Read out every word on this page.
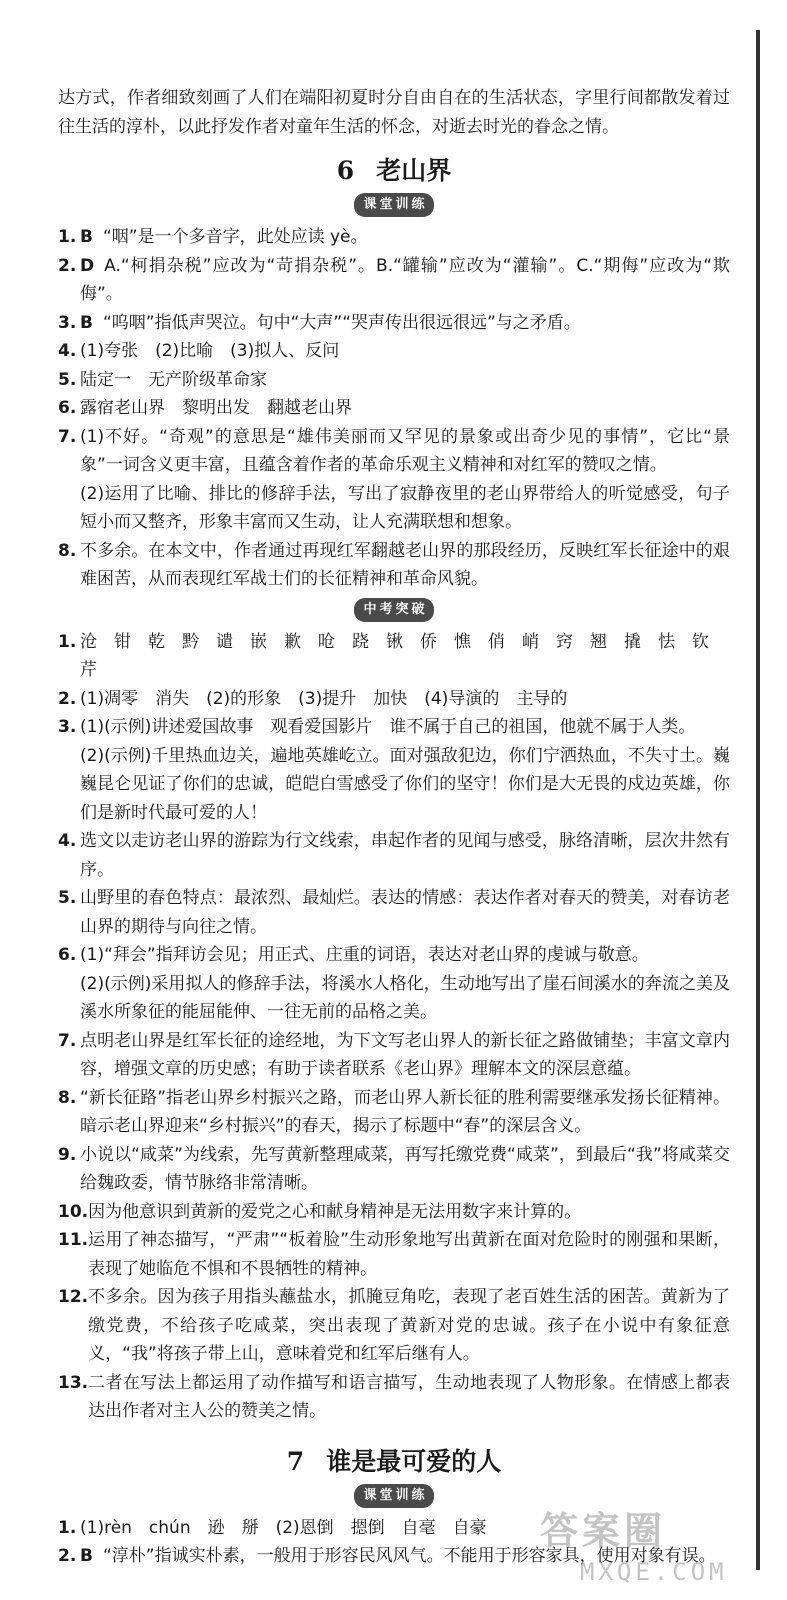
达方式，作者细致刻画了人们在端阳初夏时分自由自在的生活状态，字里行间都散发着过往生活的淳朴，以此抒发作者对童年生活的怀念，对逝去时光的眷念之情。

6 老山界
课堂训练
1. B “咽”是一个多音字，此处应读 yè。
2. D A.“柯捐杂税”应改为“苛捐杂税”。B.“罐输”应改为“灌输”。C.“期侮”应改为“欺侮”。
3. B “呜咽”指低声哭泣。句中“大声”“哭声传出很远很远”与之矛盾。
4. (1)夸张　(2)比喻　(3)拟人、反问
5. 陆定一　无产阶级革命家
6. 露宿老山界　黎明出发　翻越老山界
7. (1)不好。“奇观”的意思是“雄伟美丽而又罕见的景象或出奇少见的事情”，它比“景象”一词含义更丰富，且蕴含着作者的革命乐观主义精神和对红军的赞叹之情。
(2)运用了比喻、排比的修辞手法，写出了寂静夜里的老山界带给人的听觉感受，句子短小而又整齐，形象丰富而又生动，让人充满联想和想象。
8. 不多余。在本文中，作者通过再现红军翻越老山界的那段经历，反映红军长征途中的艰难困苦，从而表现红军战士们的长征精神和革命风貌。
中考突破
1. 沧　钳　乾　黔　谴　嵌　歉　呛　跷　锹　侨　憔　俏　峭　窍　翘　撬　怯　钦　芹
2. (1)凋零　消失　(2)的形象　(3)提升　加快　(4)导演的　主导的
3. (1)(示例)讲述爱国故事　观看爱国影片　谁不属于自己的祖国，他就不属于人类。
(2)(示例)千里热血边关，遍地英雄屹立。面对强敌犯边，你们宁洒热血，不失寸土。巍巍昆仑见证了你们的忠诚，皑皑白雪感受了你们的坚守！你们是大无畏的戍边英雄，你们是新时代最可爱的人！
4. 选文以走访老山界的游踪为行文线索，串起作者的见闻与感受，脉络清晰，层次井然有序。
5. 山野里的春色特点：最浓烈、最灿烂。表达的情感：表达作者对春天的赞美，对春访老山界的期待与向往之情。
6. (1)“拜会”指拜访会见；用正式、庄重的词语，表达对老山界的虔诚与敬意。
(2)(示例)采用拟人的修辞手法，将溪水人格化，生动地写出了崖石间溪水的奔流之美及溪水所象征的能屈能伸、一往无前的品格之美。
7. 点明老山界是红军长征的途经地，为下文写老山界人的新长征之路做铺垫；丰富文章内容，增强文章的历史感；有助于读者联系《老山界》理解本文的深层意蕴。
8. “新长征路”指老山界乡村振兴之路，而老山界人新长征的胜利需要继承发扬长征精神。暗示老山界迎来“乡村振兴”的春天，揭示了标题中“春”的深层含义。
9. 小说以“咸菜”为线索，先写黄新整理咸菜，再写托缴党费“咸菜”，到最后“我”将咸菜交给魏政委，情节脉络非常清晰。
10. 因为他意识到黄新的爱党之心和献身精神是无法用数字来计算的。
11. 运用了神态描写，“严肃”“板着脸”生动形象地写出黄新在面对危险时的刚强和果断，表现了她临危不惧和不畏牺牲的精神。
12. 不多余。因为孩子用指头蘸盐水，抓腌豆角吃，表现了老百姓生活的困苦。黄新为了缴党费，不给孩子吃咸菜，突出表现了黄新对党的忠诚。孩子在小说中有象征意义，“我”将孩子带上山，意味着党和红军后继有人。
13. 二者在写法上都运用了动作描写和语言描写，生动地表现了人物形象。在情感上都表达出作者对主人公的赞美之情。
7 谁是最可爱的人
课堂训练
1. (1)rèn　chún　逊　掰　(2)恩倒　摁倒　自毫　自豪
2. B “淳朴”指诚实朴素，一般用于形容民风风气。不能用于形容家具，使用对象有误。
答案圈
MXQE.COM
